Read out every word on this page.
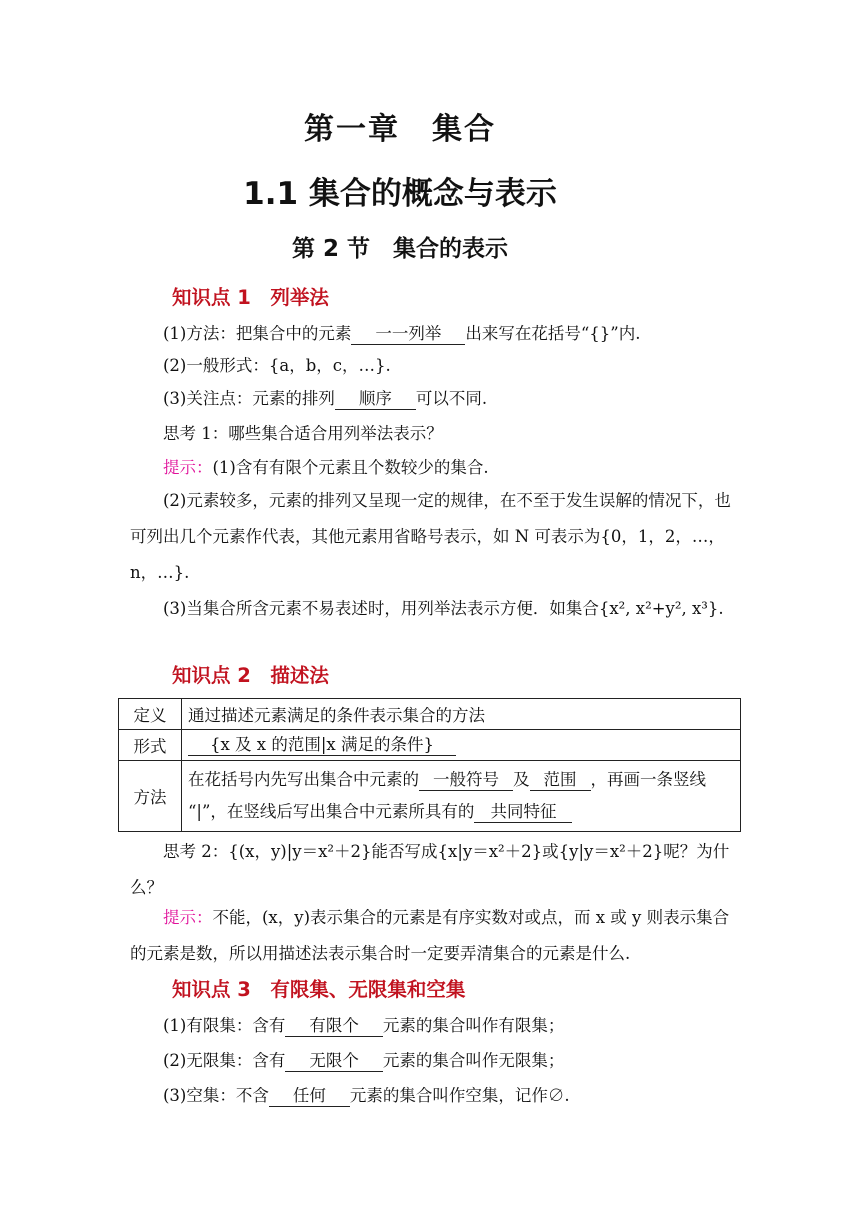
第一章　集合
1.1 集合的概念与表示
第 2 节　集合的表示
知识点 1　列举法
(1)方法：把集合中的元素 一一列举 出来写在花括号“{}”内.
(2)一般形式：{a，b，c，…}.
(3)关注点：元素的排列 顺序 可以不同.
思考 1：哪些集合适合用列举法表示？
提示：(1)含有有限个元素且个数较少的集合.
(2)元素较多，元素的排列又呈现一定的规律，在不至于发生误解的情况下，也可列出几个元素作代表，其他元素用省略号表示，如 N 可表示为{0，1，2，…，n，…}.
(3)当集合所含元素不易表述时，用列举法表示方便．如集合{x², x²+y², x³}.
知识点 2　描述法
定义	通过描述元素满足的条件表示集合的方法
形式	{x 及 x 的范围|x 满足的条件}
方法	在花括号内先写出集合中元素的 一般符号 及 范围 ，再画一条竖线
“|”，在竖线后写出集合中元素所具有的 共同特征
思考 2：{(x，y)|y＝x²＋2}能否写成{x|y＝x²＋2}或{y|y＝x²＋2}呢？为什么？
提示：不能，(x，y)表示集合的元素是有序实数对或点，而 x 或 y 则表示集合的元素是数，所以用描述法表示集合时一定要弄清集合的元素是什么.
知识点 3　有限集、无限集和空集
(1)有限集：含有 有限个 元素的集合叫作有限集；
(2)无限集：含有 无限个 元素的集合叫作无限集；
(3)空集：不含 任何 元素的集合叫作空集，记作∅.
